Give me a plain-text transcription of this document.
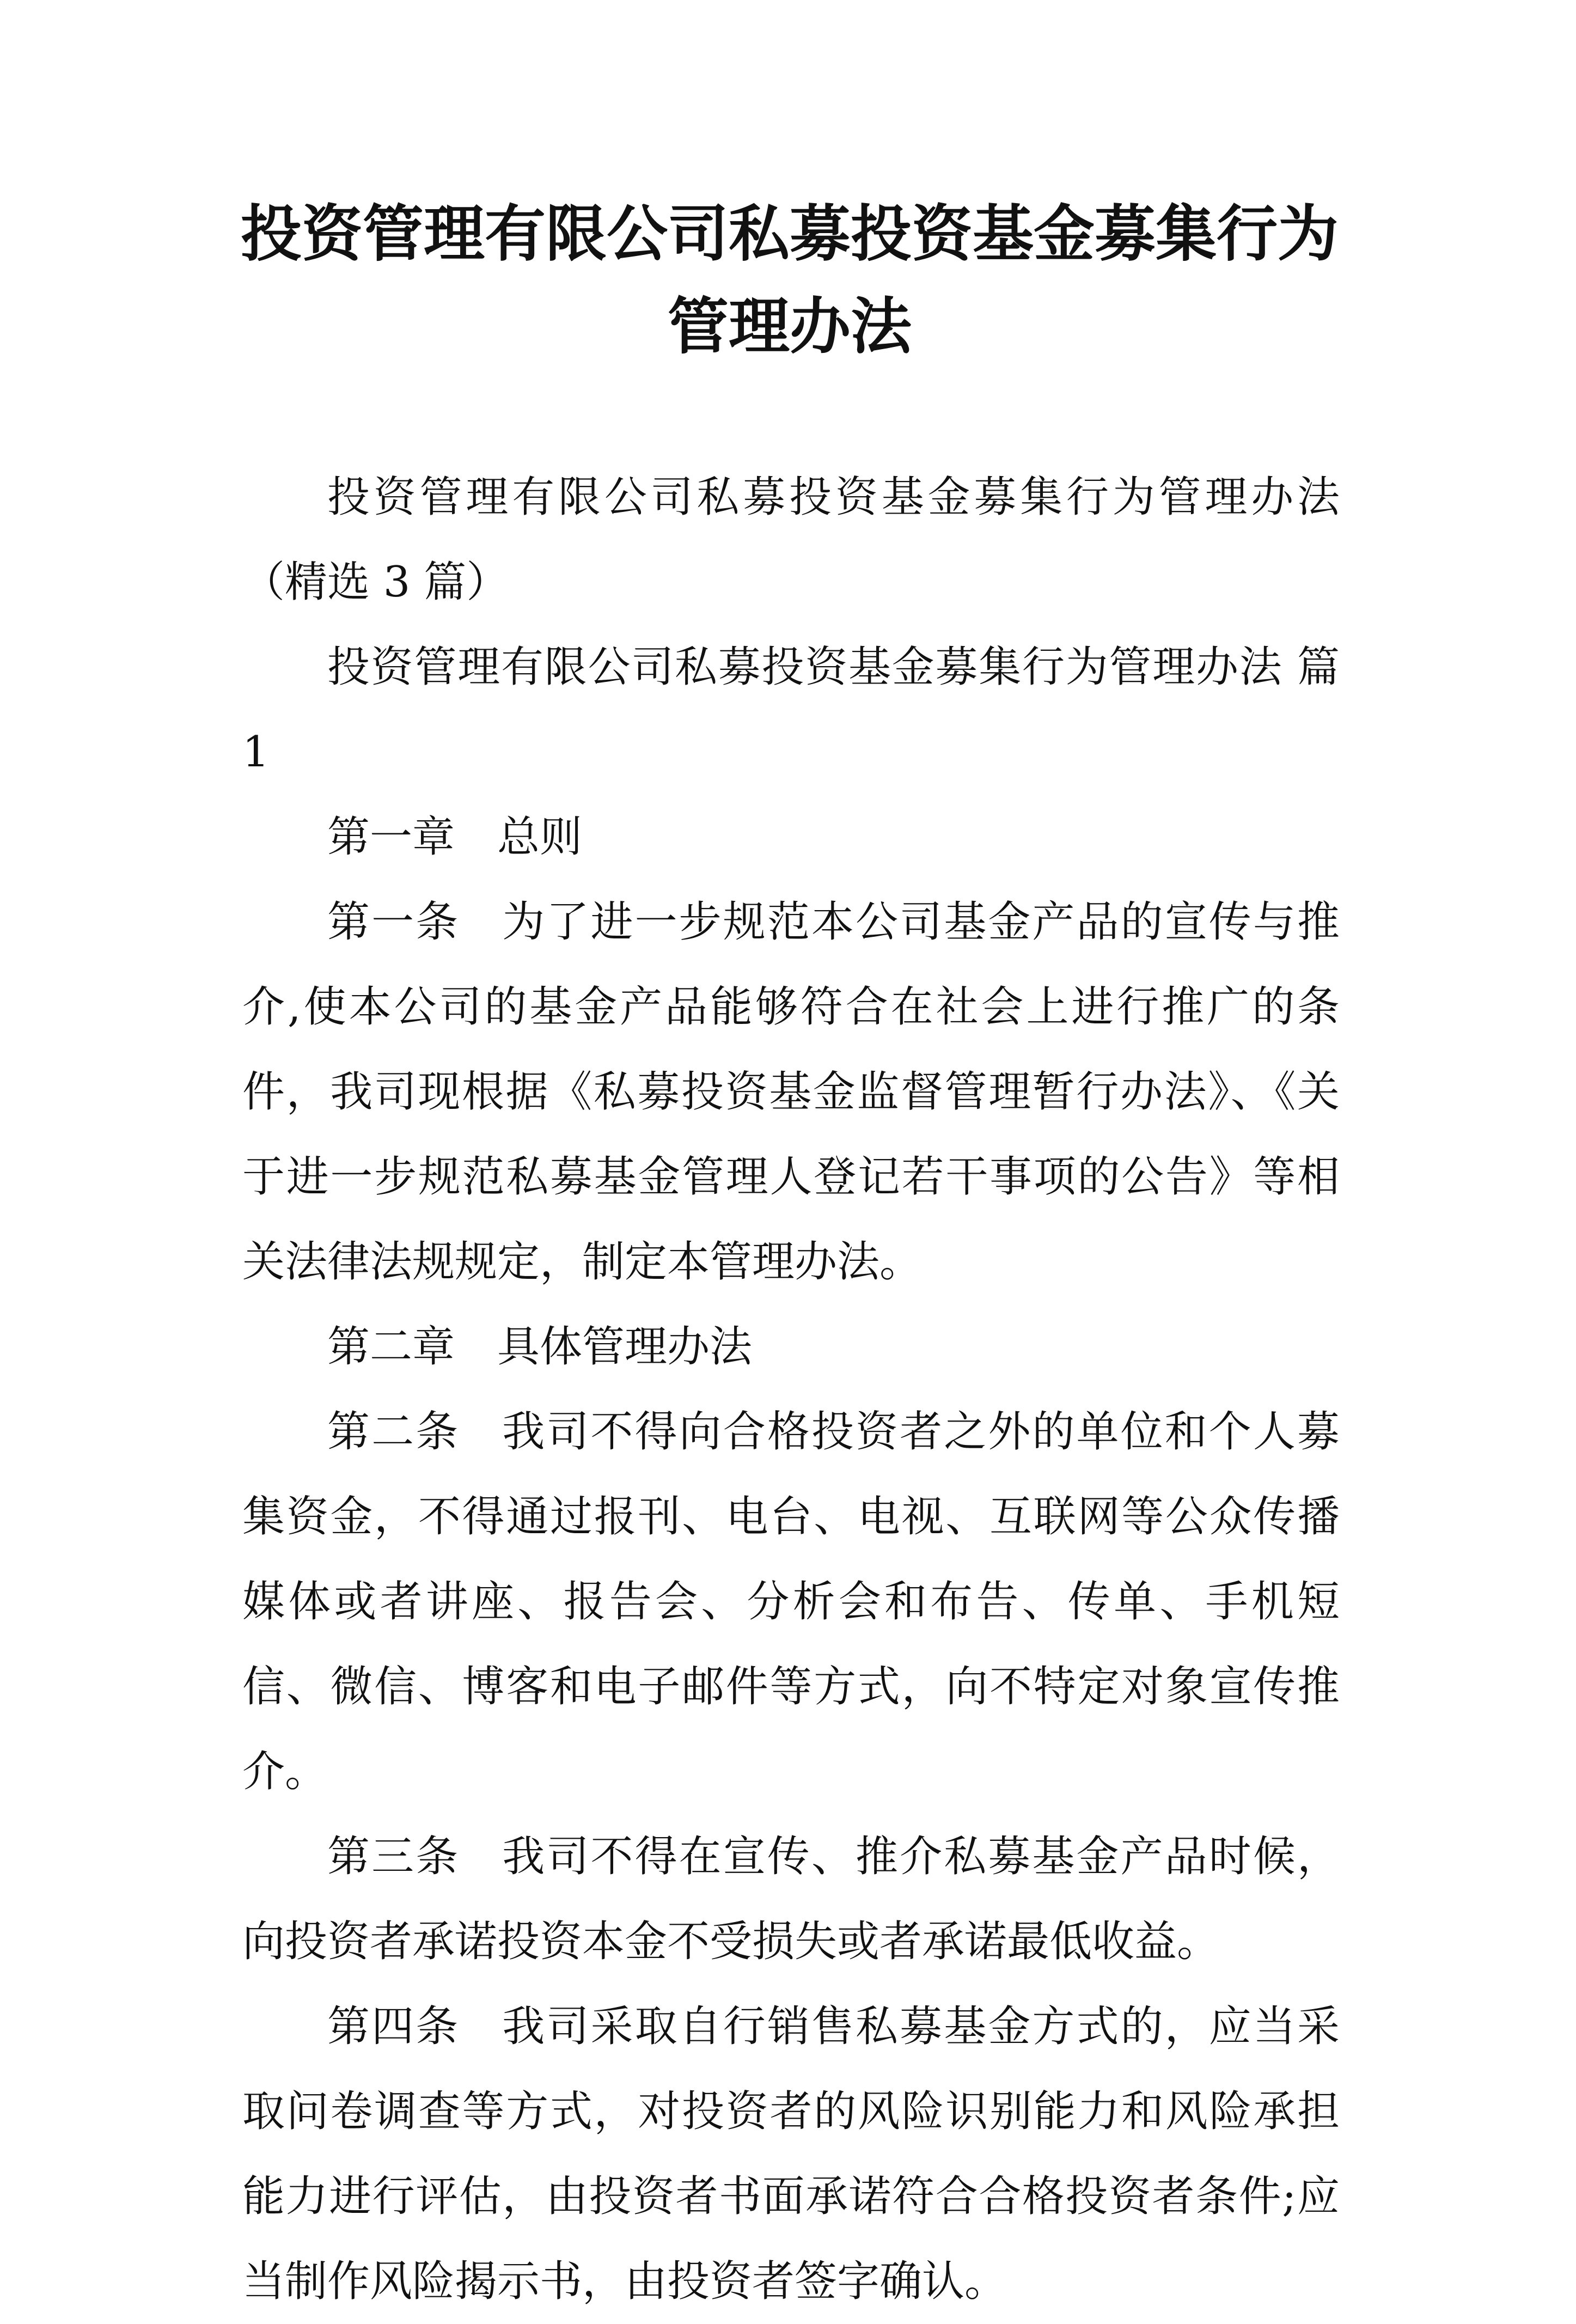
投资管理有限公司私募投资基金募集行为
管理办法

投资管理有限公司私募投资基金募集行为管理办法（精选 3 篇）

投资管理有限公司私募投资基金募集行为管理办法 篇 1

第一章 总则

第一条 为了进一步规范本公司基金产品的宣传与推介,使本公司的基金产品能够符合在社会上进行推广的条件，我司现根据《私募投资基金监督管理暂行办法》、《关于进一步规范私募基金管理人登记若干事项的公告》等相关法律法规规定，制定本管理办法。

第二章 具体管理办法

第二条 我司不得向合格投资者之外的单位和个人募集资金，不得通过报刊、电台、电视、互联网等公众传播媒体或者讲座、报告会、分析会和布告、传单、手机短信、微信、博客和电子邮件等方式，向不特定对象宣传推介。

第三条 我司不得在宣传、推介私募基金产品时候，向投资者承诺投资本金不受损失或者承诺最低收益。

第四条 我司采取自行销售私募基金方式的，应当采取问卷调查等方式，对投资者的风险识别能力和风险承担能力进行评估，由投资者书面承诺符合合格投资者条件;应当制作风险揭示书，由投资者签字确认。
